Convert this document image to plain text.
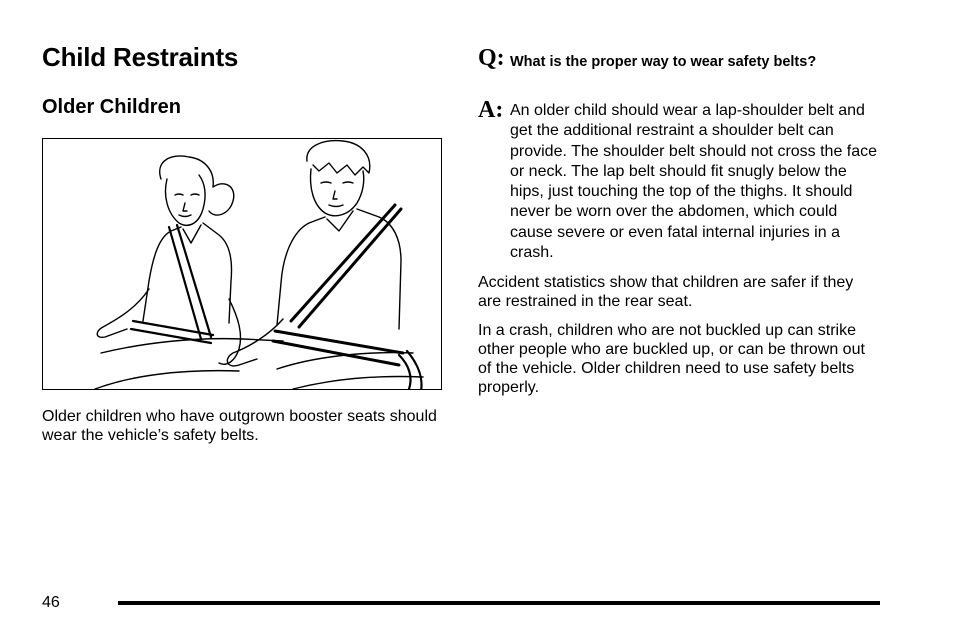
Child Restraints
Older Children

Older children who have outgrown booster seats should wear the vehicle’s safety belts.

Q: What is the proper way to wear safety belts?
A: An older child should wear a lap-shoulder belt and get the additional restraint a shoulder belt can provide. The shoulder belt should not cross the face or neck. The lap belt should fit snugly below the hips, just touching the top of the thighs. It should never be worn over the abdomen, which could cause severe or even fatal internal injuries in a crash.

Accident statistics show that children are safer if they are restrained in the rear seat.

In a crash, children who are not buckled up can strike other people who are buckled up, or can be thrown out of the vehicle. Older children need to use safety belts properly.

46
